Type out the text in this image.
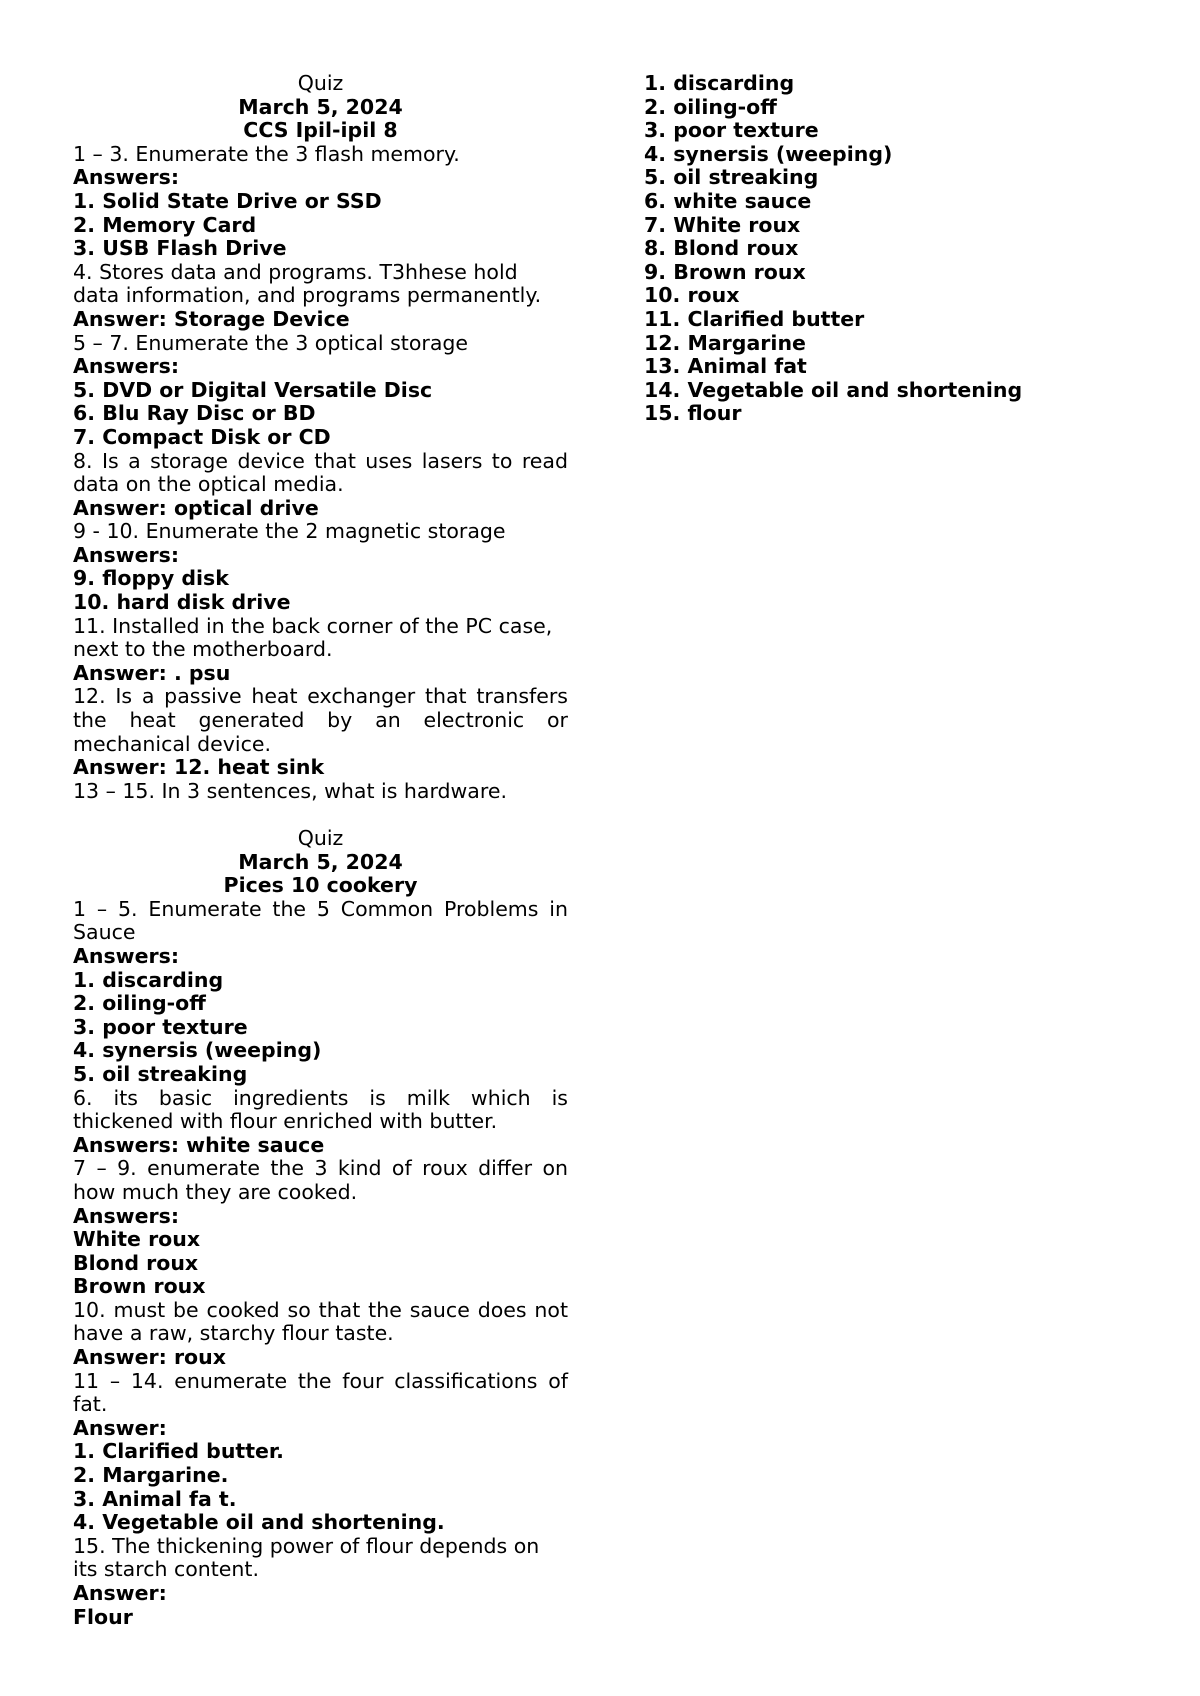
Quiz
March 5, 2024
CCS Ipil-ipil 8
1 – 3. Enumerate the 3 flash memory.
Answers:
1. Solid State Drive or SSD
2. Memory Card
3. USB Flash Drive
4. Stores data and programs. T3hhese hold data information, and programs permanently.
Answer: Storage Device
5 – 7. Enumerate the 3 optical storage
Answers:
5. DVD or Digital Versatile Disc
6. Blu Ray Disc or BD
7. Compact Disk or CD
8. Is a storage device that uses lasers to read data on the optical media.
Answer: optical drive
9 - 10. Enumerate the 2 magnetic storage
Answers:
9. floppy disk
10. hard disk drive
11. Installed in the back corner of the PC case, next to the motherboard.
Answer: . psu
12. Is a passive heat exchanger that transfers the heat generated by an electronic or mechanical device.
Answer: 12. heat sink
13 – 15. In 3 sentences, what is hardware.
Quiz
March 5, 2024
Pices 10 cookery
1 – 5. Enumerate the 5 Common Problems in Sauce
Answers:
1. discarding
2. oiling-off
3. poor texture
4. synersis (weeping)
5. oil streaking
6. its basic ingredients is milk which is thickened with flour enriched with butter.
Answers: white sauce
7 – 9. enumerate the 3 kind of roux differ on how much they are cooked.
Answers:
White roux
Blond roux
Brown roux
10. must be cooked so that the sauce does not have a raw, starchy flour taste.
Answer: roux
11 – 14. enumerate the four classifications of fat.
Answer:
1. Clarified butter.
2. Margarine.
3. Animal fa t.
4. Vegetable oil and shortening.
15. The thickening power of flour depends on its starch content.
Answer:
Flour
1. discarding
2. oiling-off
3. poor texture
4. synersis (weeping)
5. oil streaking
6. white sauce
7. White roux
8. Blond roux
9. Brown roux
10. roux
11. Clarified butter
12. Margarine
13. Animal fat
14. Vegetable oil and shortening
15. flour
